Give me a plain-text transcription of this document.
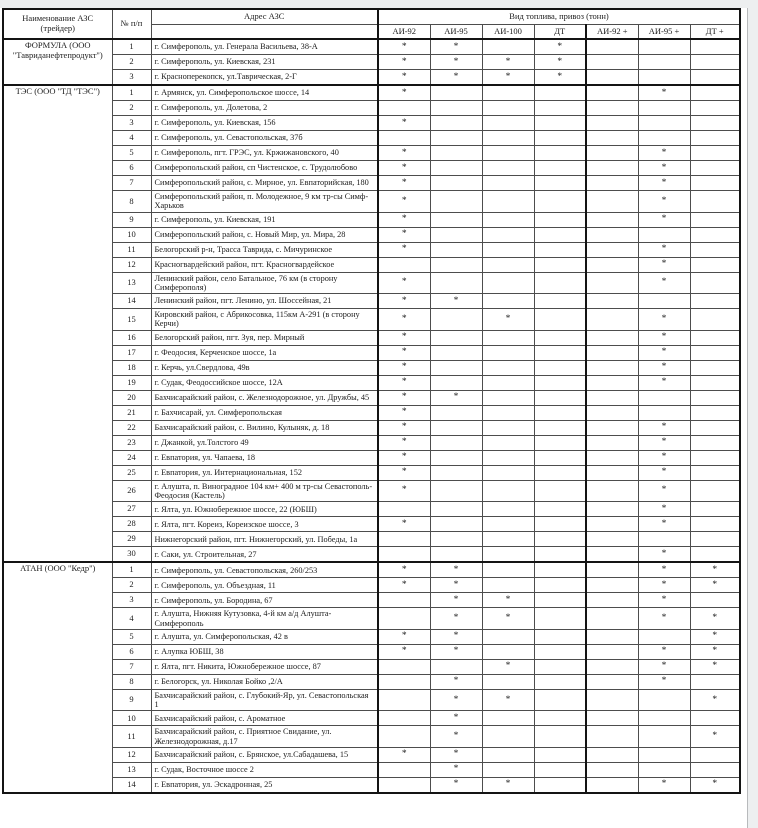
Наименование АЗС (трейдер)	№ п/п	Адрес АЗС	Вид топлива, привоз (тонн)						
			АИ-92	АИ-95	АИ-100	ДТ	АИ-92 +	АИ-95 +	ДТ +
ФОРМУЛА (ООО "Тавриданефтепродукт")	1	г. Симферополь, ул. Генерала Васильева, 38-А	*	*		*			
	2	г. Симферополь, ул. Киевская, 231	*	*	*	*			
	3	г. Красноперекопск, ул.Таврическая, 2-Г	*	*	*	*			
ТЭС (ООО "ТД "ТЭС")	1	г. Армянск, ул. Симферопольское шоссе, 14	*					*	
	2	г. Симферополь, ул. Долетова, 2							
	3	г. Симферополь, ул. Киевская, 156	*						
	4	г. Симферополь, ул. Севастопольская, 37б							
	5	г. Симферополь, пгт. ГРЭС, ул. Кржижановского, 40	*					*	
	6	Симферопольский район, сп Чистенское, с. Трудолюбово	*					*	
	7	Симферопольский район, с. Мирное, ул. Евпаторийская, 180	*					*	
	8	Симферопольский район, п. Молодежное, 9 км тр-сы Симф-Харьков	*					*	
	9	г. Симферополь, ул. Киевская, 191	*					*	
	10	Симферопольский район, с. Новый Мир, ул. Мира, 28	*						
	11	Белогорский р-н, Трасса Таврида, с. Мичуринское	*					*	
	12	Красногвардейский район, пгт. Красногвардейское						*	
	13	Ленинский район, село Батальное, 76 км (в сторону Симферополя)	*					*	
	14	Ленинский район, пгт. Ленино, ул. Шоссейная, 21	*	*					
	15	Кировский район, с Абрикосовка, 115км А-291 (в сторону Керчи)	*		*			*	
	16	Белогорский район, пгт. Зуя, пер. Мирный	*					*	
	17	г. Феодосия, Керченское шоссе, 1а	*					*	
	18	г. Керчь, ул.Свердлова, 49в	*					*	
	19	г. Судак, Феодоссийское шоссе, 12А	*					*	
	20	Бахчисарайский район, с. Железнодорожное, ул. Дружбы, 45	*	*					
	21	г. Бахчисарай, ул. Симферопольская	*						
	22	Бахчисарайский район, с. Вилино, Кулыняк, д. 18	*					*	
	23	г. Джанкой, ул.Толстого 49	*					*	
	24	г. Евпатория, ул. Чапаева, 18	*					*	
	25	г. Евпатория, ул. Интернациональная, 152	*					*	
	26	г. Алушта, п. Виноградное 104 км+ 400 м тр-сы Севастополь-Феодосия (Кастель)	*					*	
	27	г. Ялта, ул. Южнобережное шоссе, 22 (ЮБШ)						*	
	28	г. Ялта, пгт. Кореиз, Кореизское шоссе, 3	*					*	
	29	Нижнегорский район, пгт. Нижнегорский, ул. Победы, 1а							
	30	г. Саки, ул. Строительная, 27						*	
АТАН (ООО "Кедр")	1	г. Симферополь, ул. Севастопольская, 260/253	*	*				*	*
	2	г. Симферополь, ул. Объездная, 11	*	*				*	*
	3	г. Симферополь, ул. Бородина, 67		*	*			*	
	4	г. Алушта, Нижняя Кутузовка, 4-й км а/д Алушта- Симферополь		*	*			*	*
	5	г. Алушта, ул. Симферопольская, 42 в	*	*					*
	6	г. Алупка ЮБШ, 38	*	*				*	*
	7	г. Ялта, пгт. Никита, Южнобережное шоссе, 87			*			*	*
	8	г. Белогорск, ул. Николая Бойко ,2/А		*				*	
	9	Бахчисарайский район, с. Глубокий-Яр, ул. Севастопольская 1		*	*				*
	10	Бахчисарайский район, с. Ароматное		*					
	11	Бахчисарайский район, с. Приятное Свидание, ул. Железнодорожная, д.17		*					*
	12	Бахчисарайский район, с. Брянское, ул.Сабадашева, 15	*	*					
	13	г. Судак, Восточное шоссе 2		*					
	14	г. Евпатория, ул. Эскадронная, 25		*	*			*	*
